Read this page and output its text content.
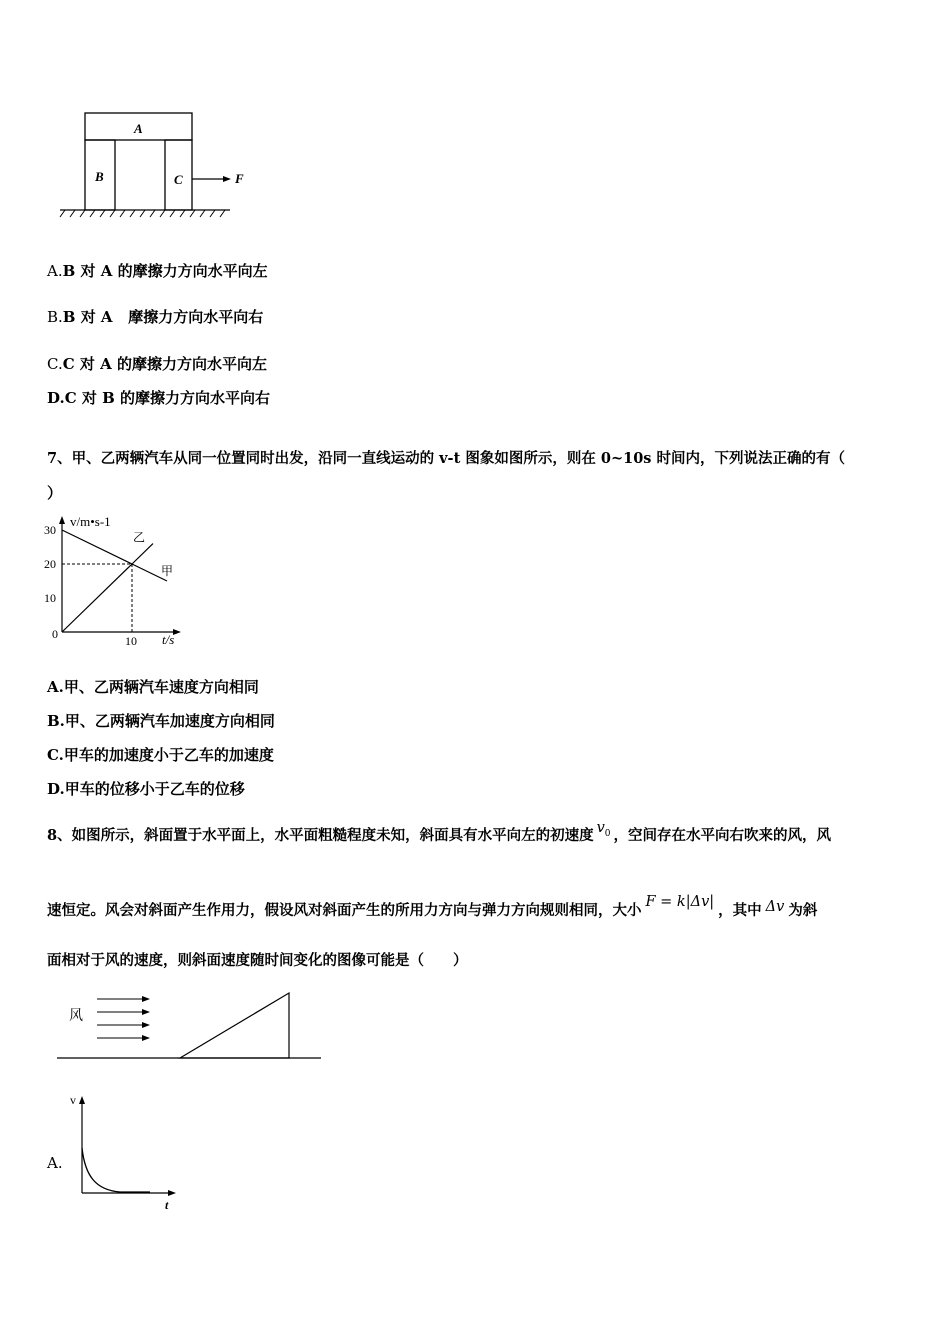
A
B	C	F
A.B 对 A 的摩擦力方向水平向左
B.B 对 A   摩擦力方向水平向右
C.C 对 A 的摩擦力方向水平向左
D.C 对 B 的摩擦力方向水平向右
7、甲、乙两辆汽车从同一位置同时出发，沿同一直线运动的 v-t 图象如图所示，则在 0~10s 时间内，下列说法正确的有（
）
v/m•s-1
t/s
30
20
10
0	10
甲
乙
A.甲、乙两辆汽车速度方向相同
B.甲、乙两辆汽车加速度方向相同
C.甲车的加速度小于乙车的加速度
D.甲车的位移小于乙车的位移
8、如图所示，斜面置于水平面上，水平面粗糙程度未知，斜面具有水平向左的初速度 $v_0$ ，空间存在水平向右吹来的风，风
速恒定。风会对斜面产生作用力，假设风对斜面产生的所用力方向与弹力方向规则相同，大小 F = k|Δv| ，其中 Δv 为斜
面相对于风的速度，则斜面速度随时间变化的图像可能是（　　）
风
A.
v
t
